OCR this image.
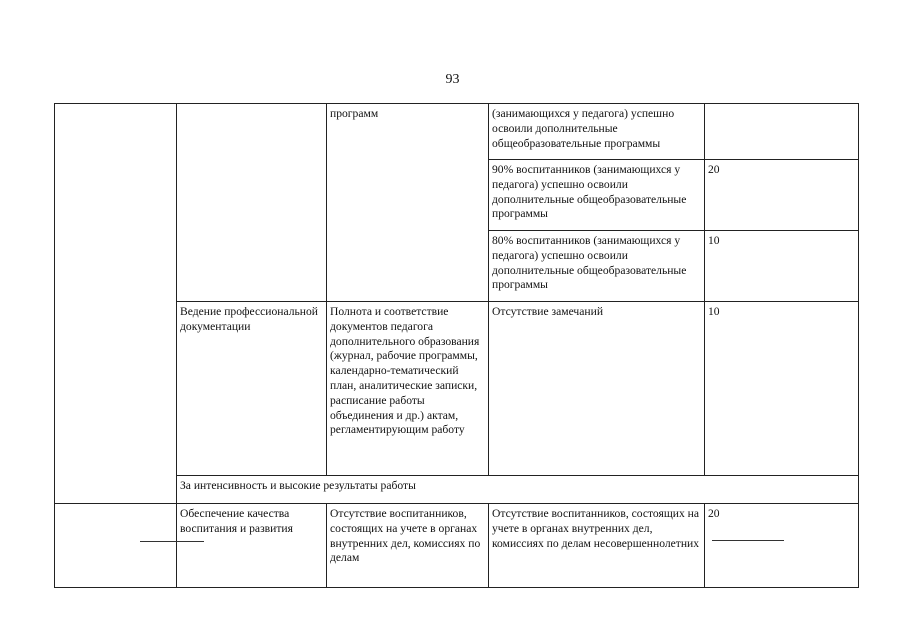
93
		программ	(занимающихся у педагога) успешно освоили дополнительные общеобразовательные программы	
			90% воспитанников (занимающихся у педагога) успешно освоили дополнительные общеобразовательные программы	20
			80% воспитанников (занимающихся у педагога) успешно освоили дополнительные общеобразовательные программы	10
	Ведение профессиональной документации	Полнота и соответствие документов педагога дополнительного образования (журнал, рабочие программы, календарно-тематический план, аналитические записки, расписание работы объединения и др.) актам, регламентирующим работу	Отсутствие замечаний	10
	За интенсивность и высокие результаты работы			
	Обеспечение качества воспитания и развития	Отсутствие воспитанников, состоящих на учете в органах внутренних дел, комиссиях по делам	Отсутствие воспитанников, состоящих на учете в органах внутренних дел, комиссиях по делам несовершеннолетних	20
